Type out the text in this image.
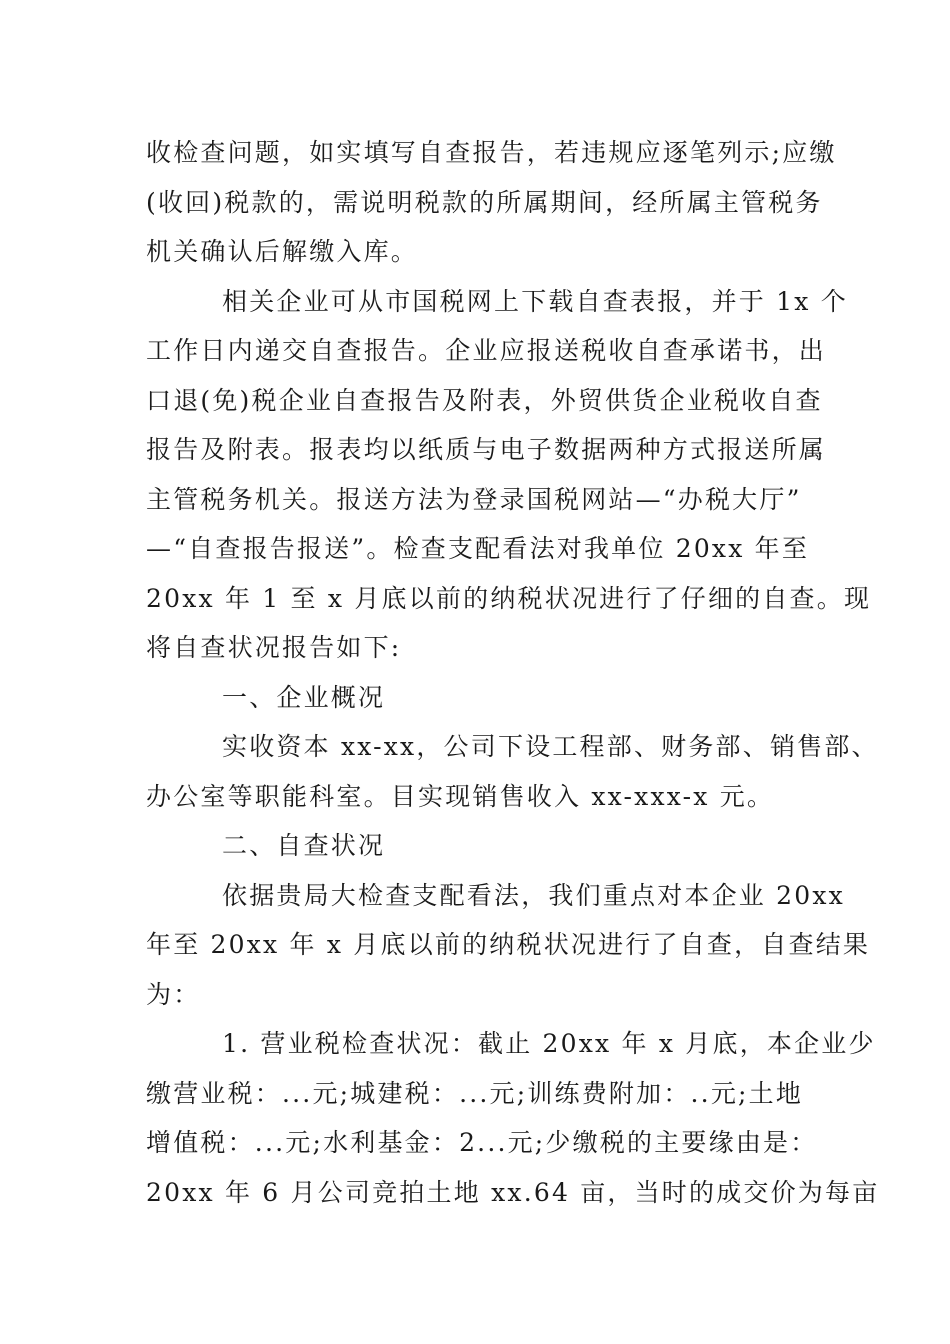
收检查问题，如实填写自查报告，若违规应逐笔列示;应缴
(收回)税款的，需说明税款的所属期间，经所属主管税务
机关确认后解缴入库。
相关企业可从市国税网上下载自查表报，并于 1x 个
工作日内递交自查报告。企业应报送税收自查承诺书，出
口退(免)税企业自查报告及附表，外贸供货企业税收自查
报告及附表。报表均以纸质与电子数据两种方式报送所属
主管税务机关。报送方法为登录国税网站—“办税大厅”
—“自查报告报送”。检查支配看法对我单位 20xx 年至
20xx 年 1 至 x 月底以前的纳税状况进行了仔细的自查。现
将自查状况报告如下:
一、企业概况
实收资本 xx-xx，公司下设工程部、财务部、销售部、
办公室等职能科室。目实现销售收入 xx-xxx-x 元。
二、自查状况
依据贵局大检查支配看法，我们重点对本企业 20xx
年至 20xx 年 x 月底以前的纳税状况进行了自查，自查结果
为：
1. 营业税检查状况：截止 20xx 年 x 月底，本企业少
缴营业税：...元;城建税：...元;训练费附加：..元;土地
增值税：...元;水利基金：2...元;少缴税的主要缘由是：
20xx 年 6 月公司竞拍土地 xx.64 亩，当时的成交价为每亩
